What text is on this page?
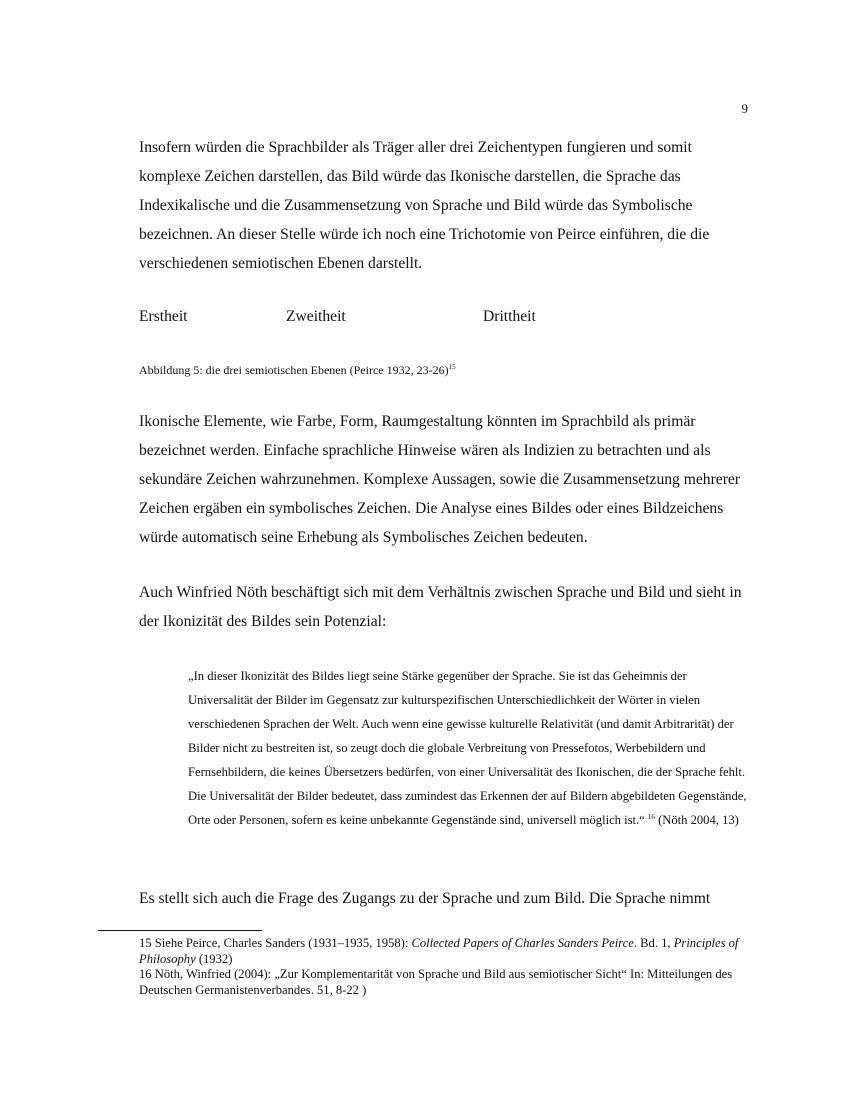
9

Insofern würden die Sprachbilder als Träger aller drei Zeichentypen fungieren und somit komplexe Zeichen darstellen, das Bild würde das Ikonische darstellen, die Sprache das Indexikalische und die Zusammensetzung von Sprache und Bild würde das Symbolische bezeichnen. An dieser Stelle würde ich noch eine Trichotomie von Peirce einführen, die die verschiedenen semiotischen Ebenen darstellt.

Erstheit	Zweitheit	Drittheit

Abbildung 5: die drei semiotischen Ebenen (Peirce 1932, 23-26)$^{15}$

Ikonische Elemente, wie Farbe, Form, Raumgestaltung könnten im Sprachbild als primär bezeichnet werden. Einfache sprachliche Hinweise wären als Indizien zu betrachten und als sekundäre Zeichen wahrzunehmen. Komplexe Aussagen, sowie die Zusammensetzung mehrerer Zeichen ergäben ein symbolisches Zeichen. Die Analyse eines Bildes oder eines Bildzeichens würde automatisch seine Erhebung als Symbolisches Zeichen bedeuten.

Auch Winfried Nöth beschäftigt sich mit dem Verhältnis zwischen Sprache und Bild und sieht in der Ikonizität des Bildes sein Potenzial:

„In dieser Ikonizität des Bildes liegt seine Stärke gegenüber der Sprache. Sie ist das Geheimnis der Universalität der Bilder im Gegensatz zur kulturspezifischen Unterschiedlichkeit der Wörter in vielen verschiedenen Sprachen der Welt. Auch wenn eine gewisse kulturelle Relativität (und damit Arbitrarität) der Bilder nicht zu bestreiten ist, so zeugt doch die globale Verbreitung von Pressefotos, Werbebildern und Fernsehbildern, die keines Übersetzers bedürfen, von einer Universalität des Ikonischen, die der Sprache fehlt. Die Universalität der Bilder bedeutet, dass zumindest das Erkennen der auf Bildern abgebildeten Gegenstände, Orte oder Personen, sofern es keine unbekannte Gegenstände sind, universell möglich ist.“ $^{16}$ (Nöth 2004, 13)

Es stellt sich auch die Frage des Zugangs zu der Sprache und zum Bild. Die Sprache nimmt

15 Siehe Peirce, Charles Sanders (1931–1935, 1958): Collected Papers of Charles Sanders Peirce. Bd. 1, Principles of Philosophy (1932)

16 Nöth, Winfried (2004): „Zur Komplementarität von Sprache und Bild aus semiotischer Sicht“ In: Mitteilungen des Deutschen Germanistenverbandes. 51, 8-22 )
